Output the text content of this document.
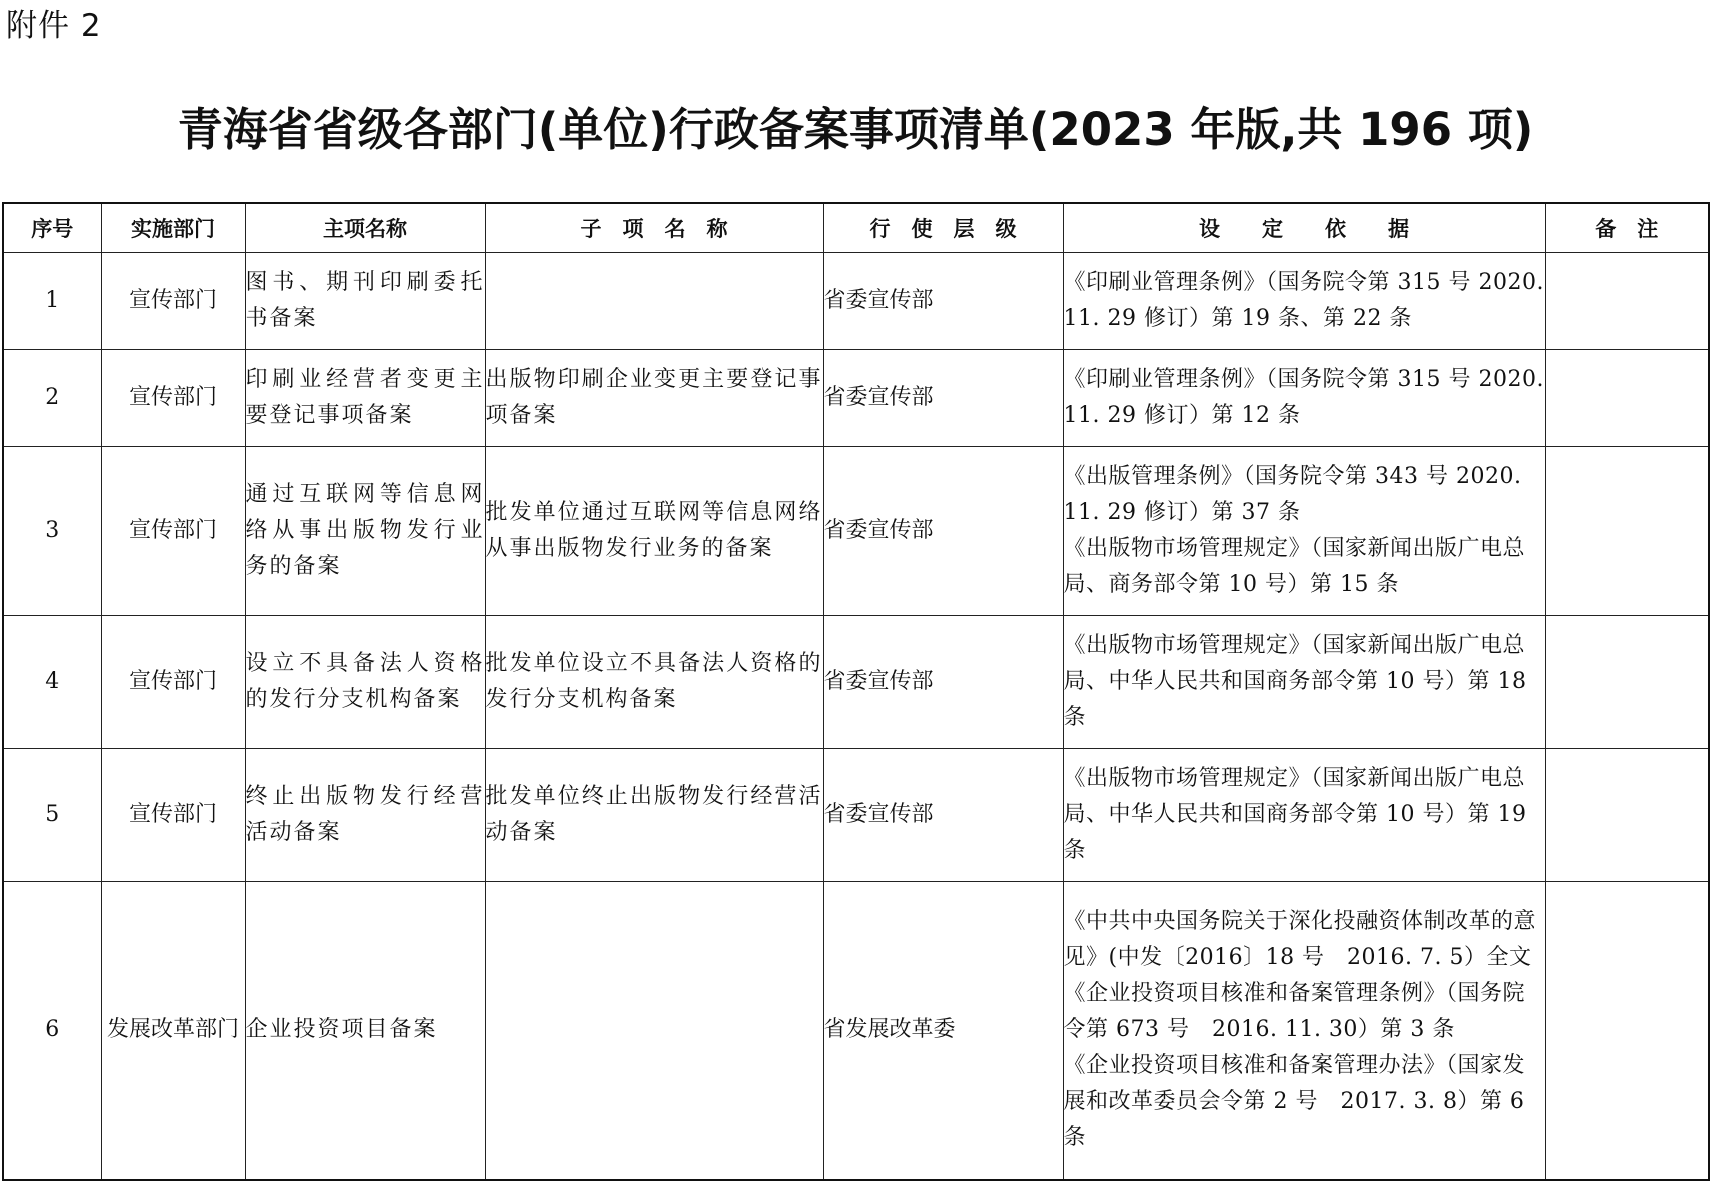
附件 2
青海省省级各部门(单位)行政备案事项清单(2023 年版,共 196 项)
序号	实施部门	主项名称	子　项　名　称	行　使　层　级	设　　定　　依　　据	备　注
1	宣传部门	图书、期刊印刷委托书备案		省委宣传部	《印刷业管理条例》（国务院令第 315 号 2020. 11. 29 修订）第 19 条、第 22 条	

2	宣传部门	印刷业经营者变更主要登记事项备案	出版物印刷企业变更主要登记事项备案	省委宣传部	《印刷业管理条例》（国务院令第 315 号 2020. 11. 29 修订）第 12 条	

3	宣传部门	通过互联网等信息网络从事出版物发行业务的备案	批发单位通过互联网等信息网络从事出版物发行业务的备案	省委宣传部	《出版管理条例》（国务院令第 343 号 2020. 11. 29 修订）第 37 条
《出版物市场管理规定》（国家新闻出版广电总局、商务部令第 10 号）第 15 条	

4	宣传部门	设立不具备法人资格的发行分支机构备案	批发单位设立不具备法人资格的发行分支机构备案	省委宣传部	《出版物市场管理规定》（国家新闻出版广电总局、中华人民共和国商务部令第 10 号）第 18 条	

5	宣传部门	终止出版物发行经营活动备案	批发单位终止出版物发行经营活动备案	省委宣传部	《出版物市场管理规定》（国家新闻出版广电总局、中华人民共和国商务部令第 10 号）第 19 条	

6	发展改革部门	企业投资项目备案		省发展改革委	《中共中央国务院关于深化投融资体制改革的意见》(中发〔2016〕18 号　2016. 7. 5）全文
《企业投资项目核准和备案管理条例》（国务院令第 673 号　2016. 11. 30）第 3 条
《企业投资项目核准和备案管理办法》（国家发展和改革委员会令第 2 号　2017. 3. 8）第 6 条	
